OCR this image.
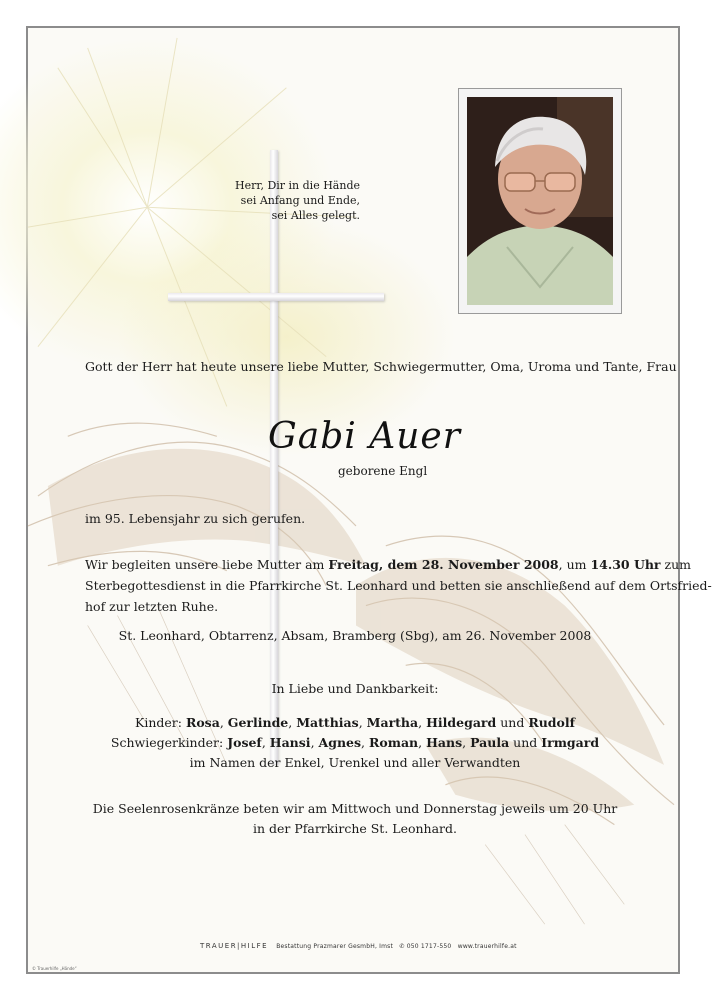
Herr, Dir in die Hände
sei Anfang und Ende,
sei Alles gelegt.
Gott der Herr hat heute unsere liebe Mutter, Schwiegermutter, Oma, Uroma und Tante, Frau
Gabi Auer
geborene Engl
im 95. Lebensjahr zu sich gerufen.
Wir begleiten unsere liebe Mutter am Freitag, dem 28. November 2008, um 14.30 Uhr zum
Sterbegottesdienst in die Pfarrkirche St. Leonhard und betten sie anschließend auf dem Ortsfried-
hof zur letzten Ruhe.
St. Leonhard, Obtarrenz, Absam, Bramberg (Sbg), am 26. November 2008
In Liebe und Dankbarkeit:
Kinder: Rosa, Gerlinde, Matthias, Martha, Hildegard und Rudolf
Schwiegerkinder: Josef, Hansi, Agnes, Roman, Hans, Paula und Irmgard
im Namen der Enkel, Urenkel und aller Verwandten
Die Seelenrosenkränze beten wir am Mittwoch und Donnerstag jeweils um 20 Uhr
in der Pfarrkirche St. Leonhard.
TRAUER|HILFE Bestattung Prazmarer GesmbH, Imst ✆ 050 1717-550 www.trauerhilfe.at
© Trauerhilfe „Hände“
